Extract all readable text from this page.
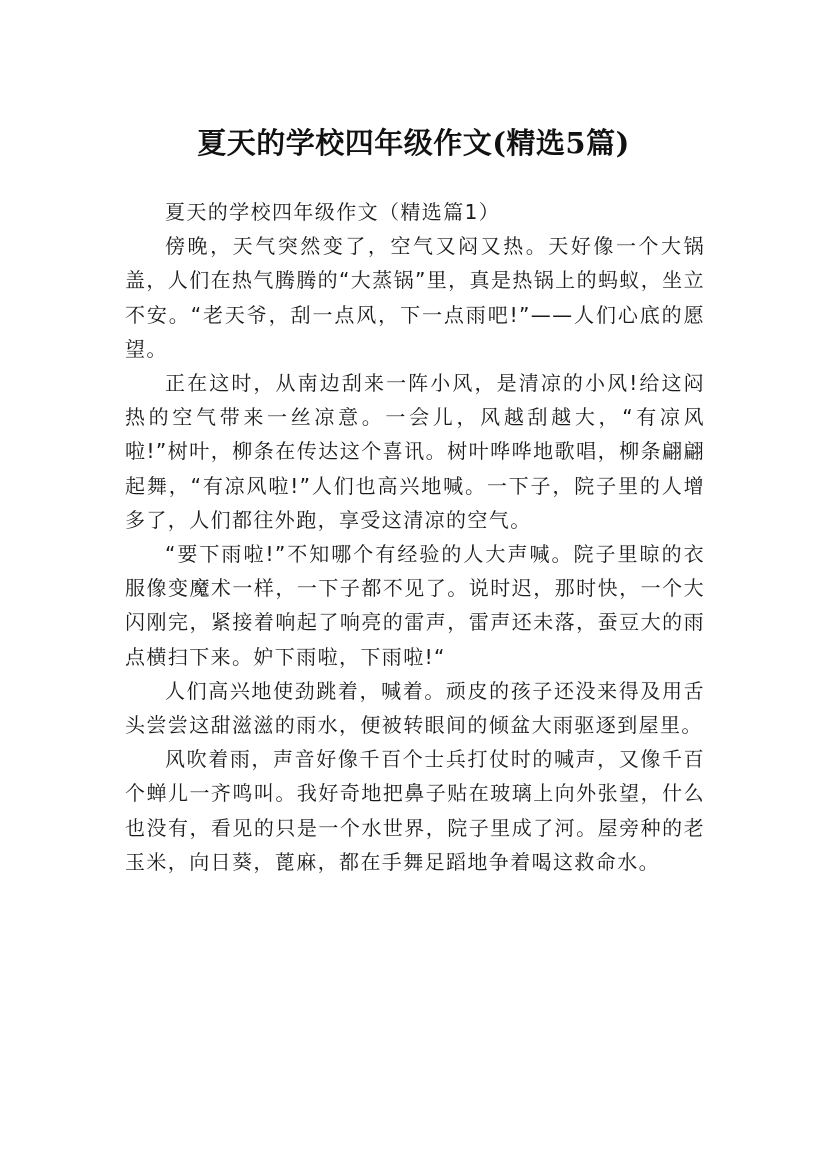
夏天的学校四年级作文(精选5篇)

夏天的学校四年级作文（精选篇1）

傍晚，天气突然变了，空气又闷又热。天好像一个大锅盖，人们在热气腾腾的“大蒸锅”里，真是热锅上的蚂蚁，坐立不安。“老天爷，刮一点风，下一点雨吧!”——人们心底的愿望。

正在这时，从南边刮来一阵小风，是清凉的小风!给这闷热的空气带来一丝凉意。一会儿，风越刮越大，“有凉风啦!”树叶，柳条在传达这个喜讯。树叶哗哗地歌唱，柳条翩翩起舞，“有凉风啦!”人们也高兴地喊。一下子，院子里的人增多了，人们都往外跑，享受这清凉的空气。

“要下雨啦!”不知哪个有经验的人大声喊。院子里晾的衣服像变魔术一样，一下子都不见了。说时迟，那时快，一个大闪刚完，紧接着响起了响亮的雷声，雷声还未落，蚕豆大的雨点横扫下来。妒下雨啦，下雨啦!“

人们高兴地使劲跳着，喊着。顽皮的孩子还没来得及用舌头尝尝这甜滋滋的雨水，便被转眼间的倾盆大雨驱逐到屋里。

风吹着雨，声音好像千百个士兵打仗时的喊声，又像千百个蝉儿一齐鸣叫。我好奇地把鼻子贴在玻璃上向外张望，什么也没有，看见的只是一个水世界，院子里成了河。屋旁种的老玉米，向日葵，蓖麻，都在手舞足蹈地争着喝这救命水。
